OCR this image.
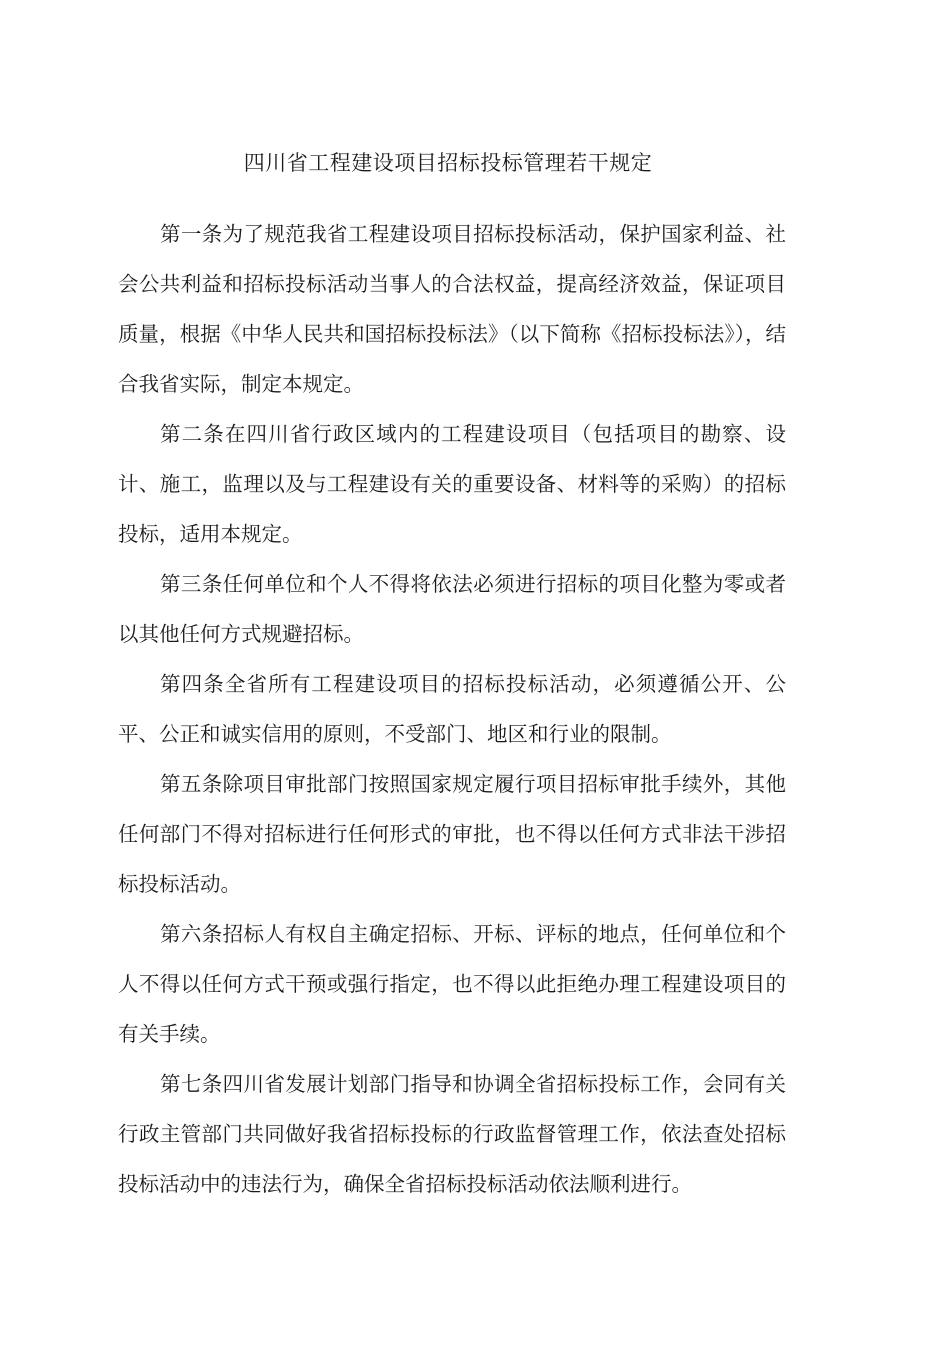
四川省工程建设项目招标投标管理若干规定

第一条为了规范我省工程建设项目招标投标活动，保护国家利益、社会公共利益和招标投标活动当事人的合法权益，提高经济效益，保证项目质量，根据《中华人民共和国招标投标法》（以下简称《招标投标法》），结合我省实际，制定本规定。

第二条在四川省行政区域内的工程建设项目（包括项目的勘察、设计、施工，监理以及与工程建设有关的重要设备、材料等的采购）的招标投标，适用本规定。

第三条任何单位和个人不得将依法必须进行招标的项目化整为零或者以其他任何方式规避招标。

第四条全省所有工程建设项目的招标投标活动，必须遵循公开、公平、公正和诚实信用的原则，不受部门、地区和行业的限制。

第五条除项目审批部门按照国家规定履行项目招标审批手续外，其他任何部门不得对招标进行任何形式的审批，也不得以任何方式非法干涉招标投标活动。

第六条招标人有权自主确定招标、开标、评标的地点，任何单位和个人不得以任何方式干预或强行指定，也不得以此拒绝办理工程建设项目的有关手续。

第七条四川省发展计划部门指导和协调全省招标投标工作，会同有关行政主管部门共同做好我省招标投标的行政监督管理工作，依法查处招标投标活动中的违法行为，确保全省招标投标活动依法顺利进行。
